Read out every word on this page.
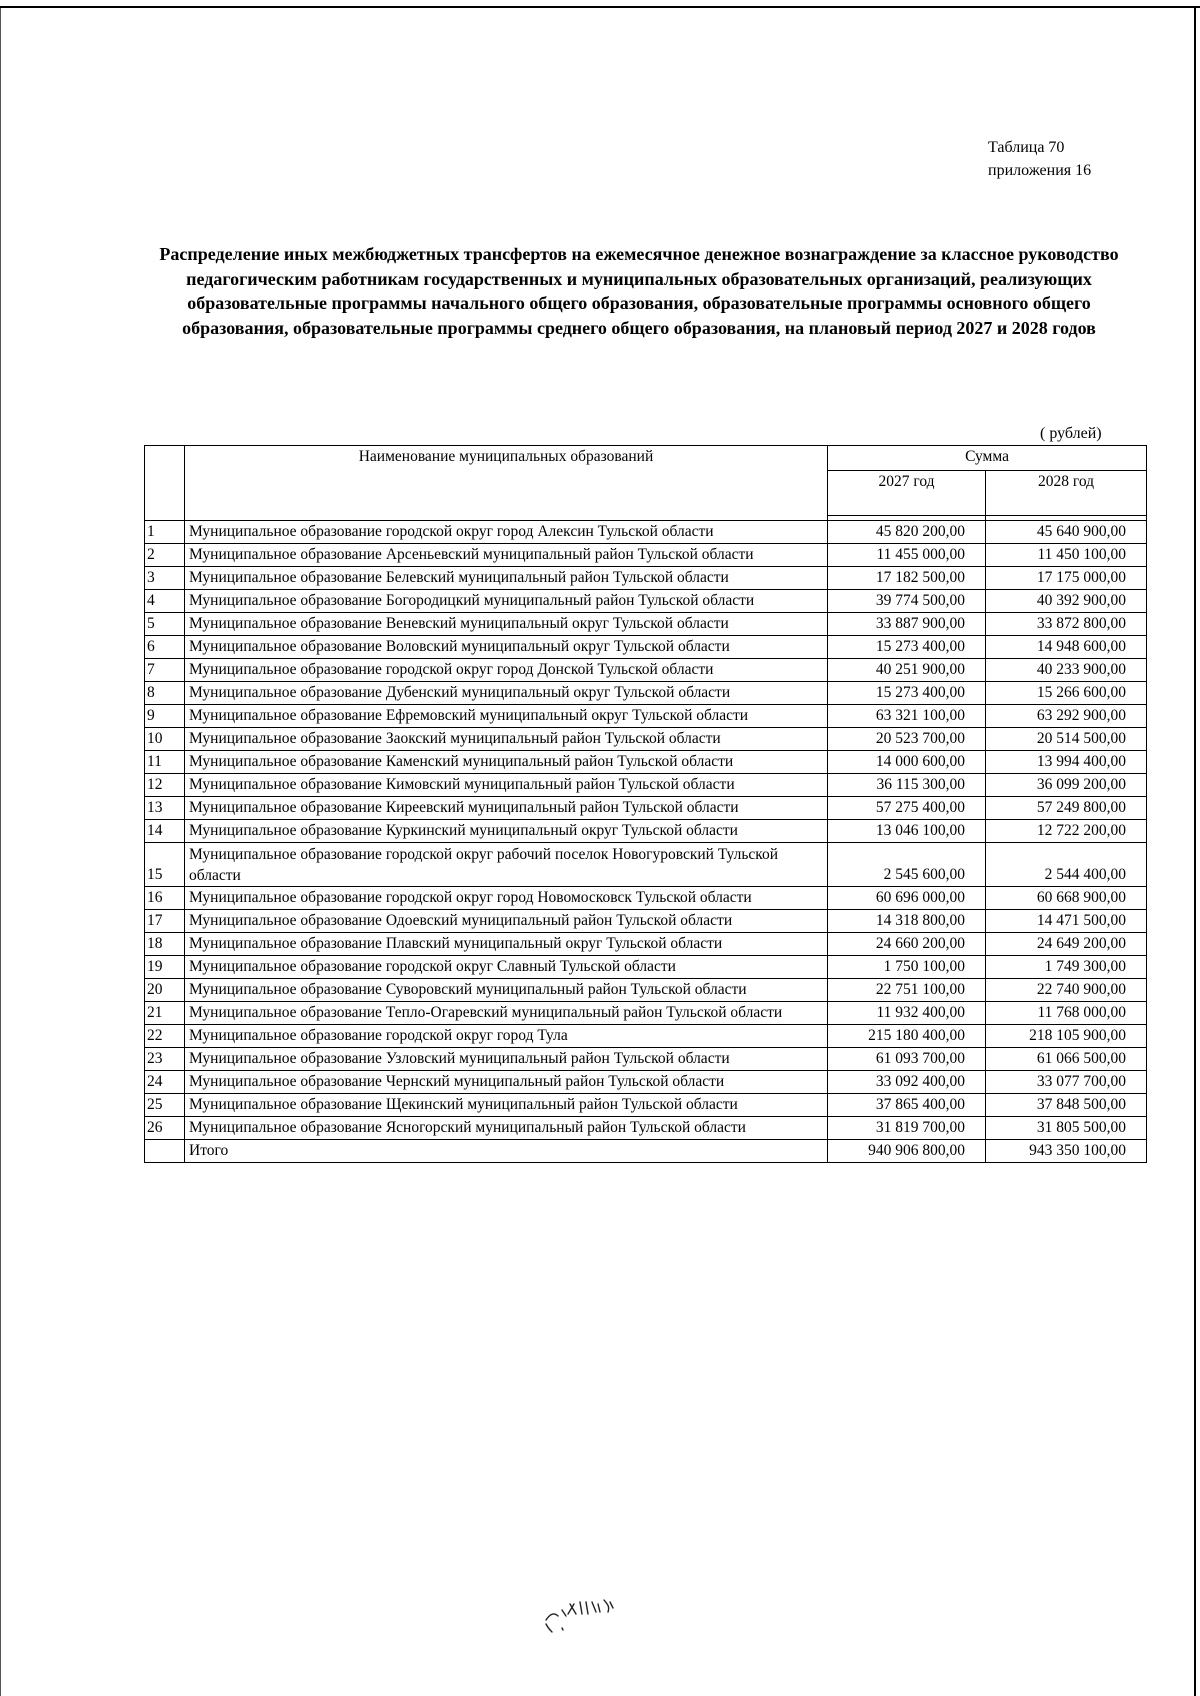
Таблица 70
приложения 16
Распределение иных межбюджетных трансфертов на ежемесячное денежное вознаграждение за классное руководство педагогическим работникам государственных и муниципальных образовательных организаций, реализующих образовательные программы начального общего образования, образовательные программы основного общего образования, образовательные программы среднего общего образования, на плановый период 2027 и 2028 годов
( рублей)
	Наименование муниципальных образований	Сумма	
		2027 год	2028 год

1	Муниципальное образование городской округ город Алексин Тульской области	45 820 200,00	45 640 900,00
2	Муниципальное образование Арсеньевский муниципальный район Тульской области	11 455 000,00	11 450 100,00
3	Муниципальное образование Белевский муниципальный район Тульской области	17 182 500,00	17 175 000,00
4	Муниципальное образование Богородицкий муниципальный район Тульской области	39 774 500,00	40 392 900,00
5	Муниципальное образование Веневский муниципальный округ Тульской области	33 887 900,00	33 872 800,00
6	Муниципальное образование Воловский муниципальный округ Тульской области	15 273 400,00	14 948 600,00
7	Муниципальное образование городской округ город Донской Тульской области	40 251 900,00	40 233 900,00
8	Муниципальное образование Дубенский муниципальный округ Тульской области	15 273 400,00	15 266 600,00
9	Муниципальное образование Ефремовский муниципальный округ Тульской области	63 321 100,00	63 292 900,00
10	Муниципальное образование Заокский муниципальный район Тульской области	20 523 700,00	20 514 500,00
11	Муниципальное образование Каменский муниципальный район Тульской области	14 000 600,00	13 994 400,00
12	Муниципальное образование Кимовский муниципальный район Тульской области	36 115 300,00	36 099 200,00
13	Муниципальное образование Киреевский муниципальный район Тульской области	57 275 400,00	57 249 800,00
14	Муниципальное образование Куркинский муниципальный округ Тульской области	13 046 100,00	12 722 200,00
15	Муниципальное образование городской округ рабочий поселок Новогуровский Тульской области	2 545 600,00	2 544 400,00
16	Муниципальное образование городской округ город Новомосковск Тульской области	60 696 000,00	60 668 900,00
17	Муниципальное образование Одоевский муниципальный район Тульской области	14 318 800,00	14 471 500,00
18	Муниципальное образование Плавский муниципальный округ Тульской области	24 660 200,00	24 649 200,00
19	Муниципальное образование городской округ Славный Тульской области	1 750 100,00	1 749 300,00
20	Муниципальное образование Суворовский муниципальный район Тульской области	22 751 100,00	22 740 900,00
21	Муниципальное образование Тепло-Огаревский муниципальный район Тульской области	11 932 400,00	11 768 000,00
22	Муниципальное образование городской округ город Тула	215 180 400,00	218 105 900,00
23	Муниципальное образование Узловский муниципальный район Тульской области	61 093 700,00	61 066 500,00
24	Муниципальное образование Чернский муниципальный район Тульской области	33 092 400,00	33 077 700,00
25	Муниципальное образование Щекинский муниципальный район Тульской области	37 865 400,00	37 848 500,00
26	Муниципальное образование Ясногорский муниципальный район Тульской области	31 819 700,00	31 805 500,00
	Итого	940 906 800,00	943 350 100,00
